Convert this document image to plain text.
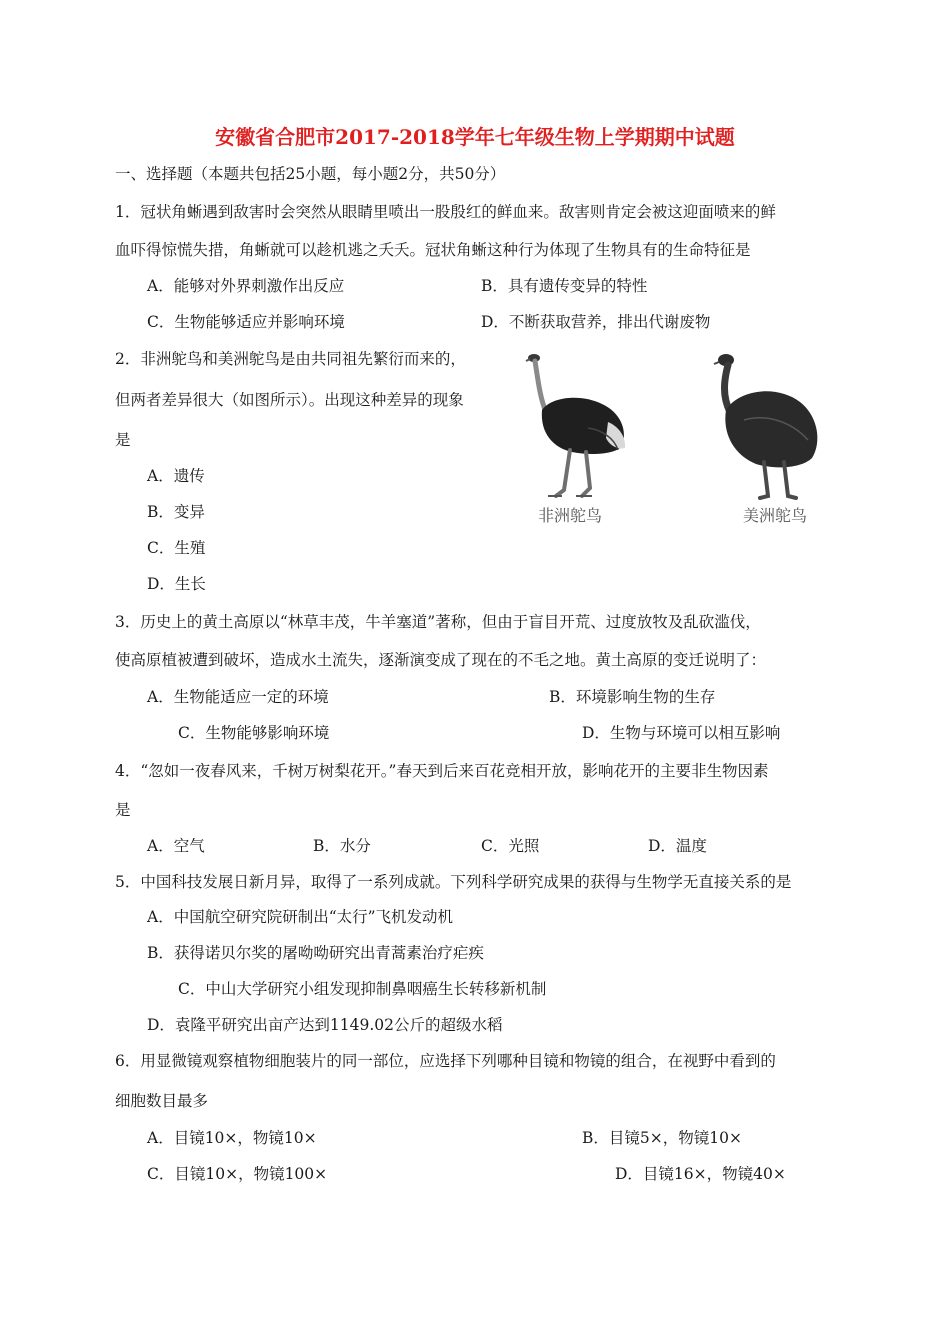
安徽省合肥市2017-2018学年七年级生物上学期期中试题
一、选择题（本题共包括25小题，每小题2分，共50分）
1．冠状角蜥遇到敌害时会突然从眼睛里喷出一股殷红的鲜血来。敌害则肯定会被这迎面喷来的鲜
血吓得惊慌失措，角蜥就可以趁机逃之夭夭。冠状角蜥这种行为体现了生物具有的生命特征是
A．能够对外界刺激作出反应	B．具有遗传变异的特性
C．生物能够适应并影响环境	D．不断获取营养，排出代谢废物
2．非洲鸵鸟和美洲鸵鸟是由共同祖先繁衍而来的，
但两者差异很大（如图所示）。出现这种差异的现象
是
A．遗传
B．变异
C．生殖
D．生长
非洲鸵鸟	美洲鸵鸟
3．历史上的黄土高原以“林草丰茂，牛羊塞道”著称，但由于盲目开荒、过度放牧及乱砍滥伐，
使高原植被遭到破坏，造成水土流失，逐渐演变成了现在的不毛之地。黄土高原的变迁说明了：
A．生物能适应一定的环境	B．环境影响生物的生存
C．生物能够影响环境	D．生物与环境可以相互影响
4．“忽如一夜春风来，千树万树梨花开。”春天到后来百花竞相开放，影响花开的主要非生物因素
是
A．空气	B．水分	C．光照	D．温度
5．中国科技发展日新月异，取得了一系列成就。下列科学研究成果的获得与生物学无直接关系的是
A．中国航空研究院研制出“太行”飞机发动机
B．获得诺贝尔奖的屠呦呦研究出青蒿素治疗疟疾
C．中山大学研究小组发现抑制鼻咽癌生长转移新机制
D．袁隆平研究出亩产达到1149.02公斤的超级水稻
6．用显微镜观察植物细胞装片的同一部位，应选择下列哪种目镜和物镜的组合，在视野中看到的
细胞数目最多
A．目镜10×，物镜10×	B．目镜5×，物镜10×
C．目镜10×，物镜100×	D．目镜16×，物镜40×
